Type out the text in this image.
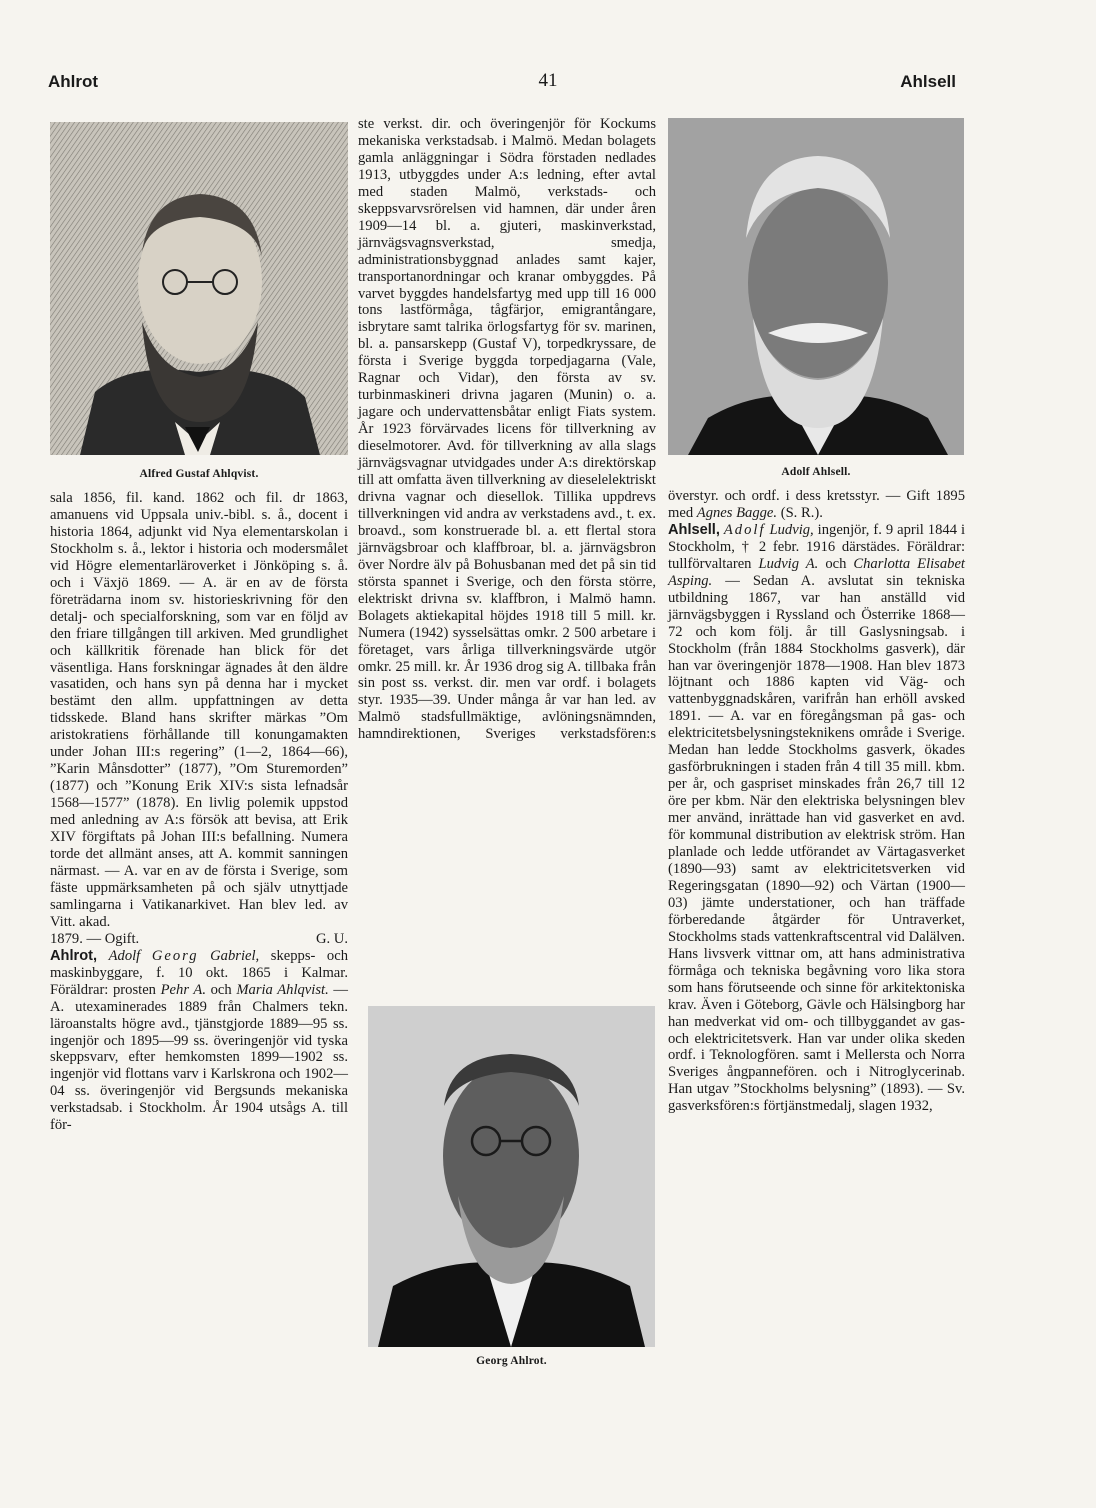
Ahlrot	41	Ahlsell
Alfred Gustaf Ahlqvist.	Adolf Ahlsell.
Georg Ahlrot.

sala 1856, fil. kand. 1862 och fil. dr 1863, amanuens vid Uppsala univ.-bibl. s. å., docent i historia 1864, adjunkt vid Nya elementarskolan i Stockholm s. å., lektor i historia och modersmålet vid Högre elementarläroverket i Jönköping s. å. och i Växjö 1869. — A. är en av de första företrädarna inom sv. historieskrivning för den detalj- och specialforskning, som var en följd av den friare tillgången till arkiven. Med grundlighet och källkritik förenade han blick för det väsentliga. Hans forskningar ägnades åt den äldre vasatiden, och hans syn på denna har i mycket bestämt den allm. uppfattningen av detta tidsskede. Bland hans skrifter märkas ”Om aristokratiens förhållande till konungamakten under Johan III:s regering” (1—2, 1864—66), ”Karin Månsdotter” (1877), ”Om Sturemorden” (1877) och ”Konung Erik XIV:s sista lefnadsår 1568—1577” (1878). En livlig polemik uppstod med anledning av A:s försök att bevisa, att Erik XIV förgiftats på Johan III:s befallning. Numera torde det allmänt anses, att A. kommit sanningen närmast. — A. var en av de första i Sverige, som fäste uppmärksamheten på och själv utnyttjade samlingarna i Vatikanarkivet. Han blev led. av Vitt. akad.

1879. — Ogift.	G. U.

Ahlrot, Adolf Georg Gabriel, skepps- och maskinbyggare, f. 10 okt. 1865 i Kalmar. Föräldrar: prosten Pehr A. och Maria Ahlqvist. — A. utexaminerades 1889 från Chalmers tekn. läroanstalts högre avd., tjänstgjorde 1889—95 ss. ingenjör och 1895—99 ss. överingenjör vid tyska skeppsvarv, efter hemkomsten 1899—1902 ss. ingenjör vid flottans varv i Karlskrona och 1902—04 ss. överingenjör vid Bergsunds mekaniska verkstadsab. i Stockholm. År 1904 utsågs A. till för-

ste verkst. dir. och överingenjör för Kockums mekaniska verkstadsab. i Malmö. Medan bolagets gamla anläggningar i Södra förstaden nedlades 1913, utbyggdes under A:s ledning, efter avtal med staden Malmö, verkstads- och skeppsvarvsrörelsen vid hamnen, där under åren 1909—14 bl. a. gjuteri, maskinverkstad, järnvägsvagnsverkstad, smedja, administrationsbyggnad anlades samt kajer, transportanordningar och kranar ombyggdes. På varvet byggdes handelsfartyg med upp till 16 000 tons lastförmåga, tågfärjor, emigrantångare, isbrytare samt talrika örlogsfartyg för sv. marinen, bl. a. pansarskepp (Gustaf V), torpedkryssare, de första i Sverige byggda torpedjagarna (Vale, Ragnar och Vidar), den första av sv. turbinmaskineri drivna jagaren (Munin) o. a. jagare och undervattensbåtar enligt Fiats system. År 1923 förvärvades licens för tillverkning av dieselmotorer. Avd. för tillverkning av alla slags järnvägsvagnar utvidgades under A:s direktörskap till att omfatta även tillverkning av dieselelektriskt drivna vagnar och diesellok. Tillika uppdrevs tillverkningen vid andra av verkstadens avd., t. ex. broavd., som konstruerade bl. a. ett flertal stora järnvägsbroar och klaffbroar, bl. a. järnvägsbron över Nordre älv på Bohusbanan med det på sin tid största spannet i Sverige, och den första större, elektriskt drivna sv. klaffbron, i Malmö hamn. Bolagets aktiekapital höjdes 1918 till 5 mill. kr. Numera (1942) sysselsättas omkr. 2 500 arbetare i företaget, vars årliga tillverkningsvärde utgör omkr. 25 mill. kr. År 1936 drog sig A. tillbaka från sin post ss. verkst. dir. men var ordf. i bolagets styr. 1935—39. Under många år var han led. av Malmö stadsfullmäktige, avlöningsnämnden, hamndirektionen, Sveriges verkstadsfören:s

överstyr. och ordf. i dess kretsstyr. — Gift 1895 med Agnes Bagge. (S. R.).

Ahlsell, Adolf Ludvig, ingenjör, f. 9 april 1844 i Stockholm, † 2 febr. 1916 därstädes. Föräldrar: tullförvaltaren Ludvig A. och Charlotta Elisabet Asping. — Sedan A. avslutat sin tekniska utbildning 1867, var han anställd vid järnvägsbyggen i Ryssland och Österrike 1868—72 och kom följ. år till Gaslysningsab. i Stockholm (från 1884 Stockholms gasverk), där han var överingenjör 1878—1908. Han blev 1873 löjtnant och 1886 kapten vid Väg- och vattenbyggnadskåren, varifrån han erhöll avsked 1891. — A. var en föregångsman på gas- och elektricitetsbelysningsteknikens område i Sverige. Medan han ledde Stockholms gasverk, ökades gasförbrukningen i staden från 4 till 35 mill. kbm. per år, och gaspriset minskades från 26,7 till 12 öre per kbm. När den elektriska belysningen blev mer använd, inrättade han vid gasverket en avd. för kommunal distribution av elektrisk ström. Han planlade och ledde utförandet av Värtagasverket (1890—93) samt av elektricitetsverken vid Regeringsgatan (1890—92) och Värtan (1900—03) jämte understationer, och han träffade förberedande åtgärder för Untraverket, Stockholms stads vattenkraftscentral vid Dalälven. Hans livsverk vittnar om, att hans administrativa förmåga och tekniska begåvning voro lika stora som hans förutseende och sinne för arkitektoniska krav. Även i Göteborg, Gävle och Hälsingborg har han medverkat vid om- och tillbyggandet av gas- och elektricitetsverk. Han var under olika skeden ordf. i Teknologfören. samt i Mellersta och Norra Sveriges ångpannefören. och i Nitroglycerinab. Han utgav ”Stockholms belysning” (1893). — Sv. gasverksfören:s förtjänstmedalj, slagen 1932,
